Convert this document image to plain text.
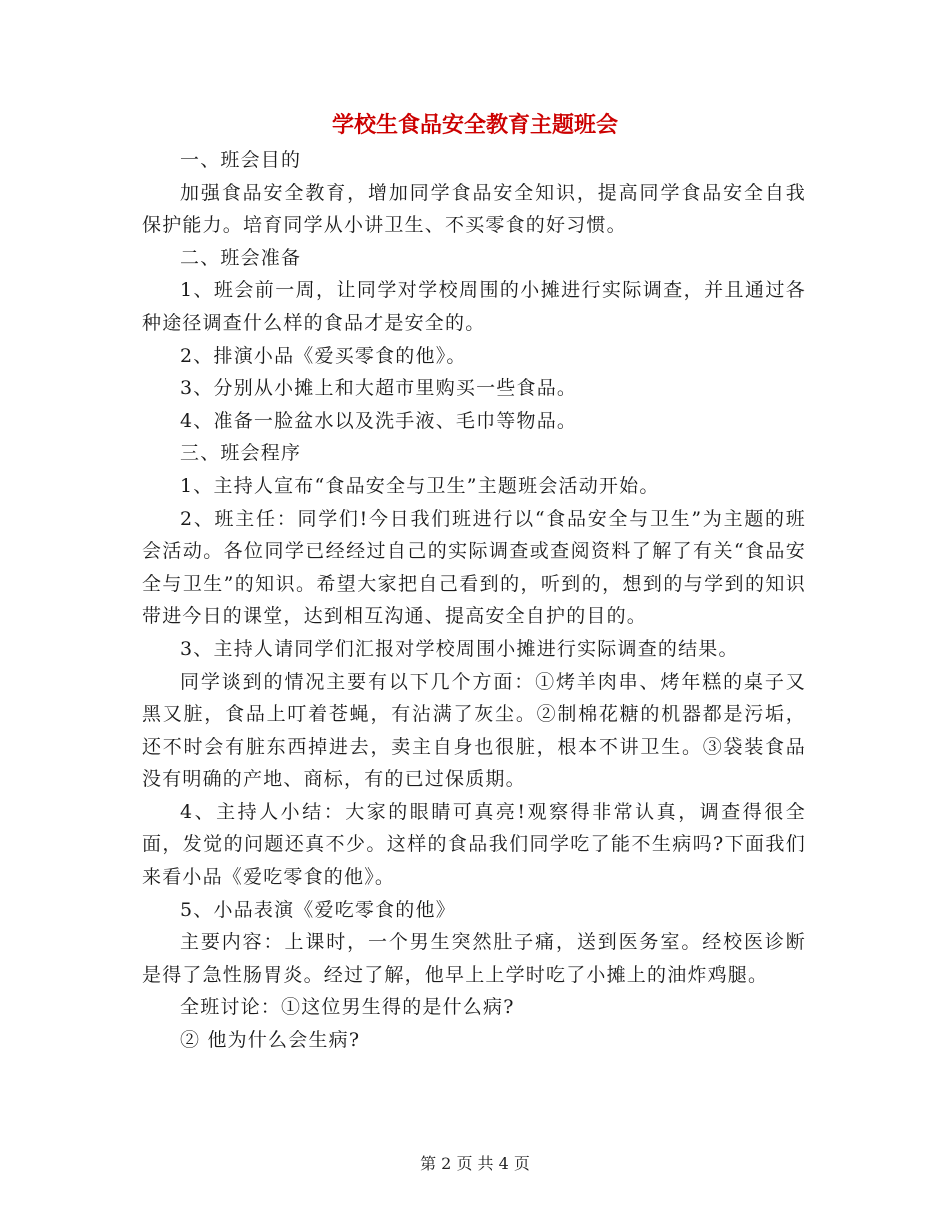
学校生食品安全教育主题班会

一、班会目的

加强食品安全教育，增加同学食品安全知识，提高同学食品安全自我保护能力。培育同学从小讲卫生、不买零食的好习惯。

二、班会准备

1、班会前一周，让同学对学校周围的小摊进行实际调查，并且通过各种途径调查什么样的食品才是安全的。

2、排演小品《爱买零食的他》。

3、分别从小摊上和大超市里购买一些食品。

4、准备一脸盆水以及洗手液、毛巾等物品。

三、班会程序

1、主持人宣布“食品安全与卫生”主题班会活动开始。

2、班主任：同学们!今日我们班进行以“食品安全与卫生”为主题的班会活动。各位同学已经经过自己的实际调查或查阅资料了解了有关“食品安全与卫生”的知识。希望大家把自己看到的，听到的，想到的与学到的知识带进今日的课堂，达到相互沟通、提高安全自护的目的。

3、主持人请同学们汇报对学校周围小摊进行实际调查的结果。

同学谈到的情况主要有以下几个方面：①烤羊肉串、烤年糕的桌子又黑又脏，食品上叮着苍蝇，有沾满了灰尘。②制棉花糖的机器都是污垢，还不时会有脏东西掉进去，卖主自身也很脏，根本不讲卫生。③袋装食品没有明确的产地、商标，有的已过保质期。

4、主持人小结：大家的眼睛可真亮!观察得非常认真，调查得很全面，发觉的问题还真不少。这样的食品我们同学吃了能不生病吗?下面我们来看小品《爱吃零食的他》。

5、小品表演《爱吃零食的他》

主要内容：上课时，一个男生突然肚子痛，送到医务室。经校医诊断是得了急性肠胃炎。经过了解，他早上上学时吃了小摊上的油炸鸡腿。

全班讨论：①这位男生得的是什么病?

② 他为什么会生病?

第 2 页 共 4 页
